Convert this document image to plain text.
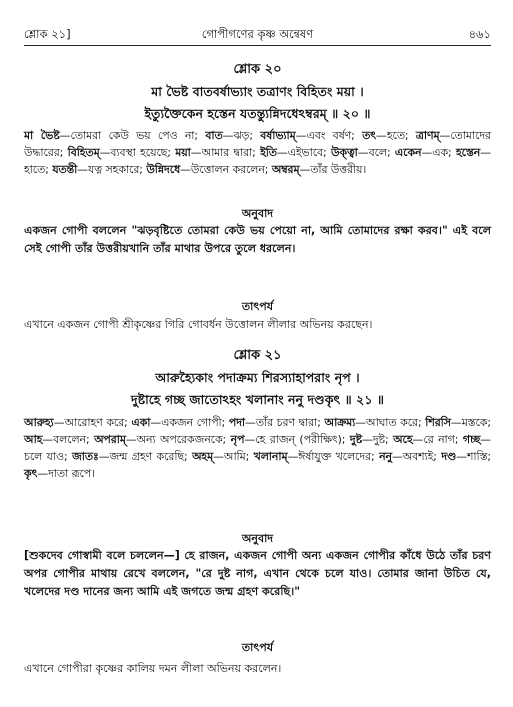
শ্লোক ২১]	গোপীগণের কৃষ্ণ অন্বেষণ	৪৬১
শ্লোক ২০
মা ভৈষ্ট বাতবর্ষাভ্যাং তত্রাণং বিহিতং ময়া ।
ইত্যুক্তৈকেন হস্তেন যতন্ত্যুন্নিদধেঽম্বরম্ ॥ ২০ ॥
মা ভৈষ্ট—তোমরা কেউ ভয় পেও না; বাত—ঝড়; বর্ষাভ্যাম্—এবং বর্ষণ; তৎ—হতে; ত্রাণম্—তোমাদের উদ্ধারের; বিহিতম্—ব্যবস্থা হয়েছে; ময়া—আমার দ্বারা; ইতি—এইভাবে; উক্ত্বা—বলে; একেন—এক; হস্তেন—হাতে; যতন্তী—যত্ন সহকারে; উন্নিদধে—উত্তোলন করলেন; অম্বরম্—তাঁর উত্তরীয়।
অনুবাদ
একজন গোপী বললেন "ঝড়বৃষ্টিতে তোমরা কেউ ভয় পেয়ো না, আমি তোমাদের রক্ষা করব।" এই বলে সেই গোপী তাঁর উত্তরীয়খানি তাঁর মাথার উপরে তুলে ধরলেন।
তাৎপর্য
এখানে একজন গোপী শ্রীকৃষ্ণের গিরি গোবর্ধন উত্তোলন লীলার অভিনয় করছেন।
শ্লোক ২১
আরুহ্যৈকাং পদাক্রম্য শিরস্যাহাপরাং নৃপ ।
দুষ্টাহে গচ্ছ জাতোঽহং খলানাং ননু দণ্ডকৃৎ ॥ ২১ ॥
আরুহ্য—আরোহণ করে; একা—একজন গোপী; পদা—তাঁর চরণ দ্বারা; আক্রম্য—আঘাত করে; শিরসি—মস্তকে; আহ—বললেন; অপরাম্—অন্য অপরেকজনকে; নৃপ—হে রাজন্ (পরীক্ষিৎ); দুষ্ট—দুষ্ট; অহে—রে নাগ; গচ্ছ—চলে যাও; জাতঃ—জন্ম গ্রহণ করেছি; অহম্—আমি; খলানাম্—ঈর্ষাযুক্ত খলেদের; ননু—অবশ্যই; দণ্ড—শাস্তি; কৃৎ—দাতা রূপে।
অনুবাদ
[শুকদেব গোস্বামী বলে চললেন—] হে রাজন, একজন গোপী অন্য একজন গোপীর কাঁধে উঠে তাঁর চরণ অপর গোপীর মাথায় রেখে বললেন, "রে দুষ্ট নাগ, এখান থেকে চলে যাও। তোমার জানা উচিত যে, খলেদের দণ্ড দানের জন্য আমি এই জগতে জন্ম গ্রহণ করেছি।"
তাৎপর্য
এখানে গোপীরা কৃষ্ণের কালিয় দমন লীলা অভিনয় করলেন।
